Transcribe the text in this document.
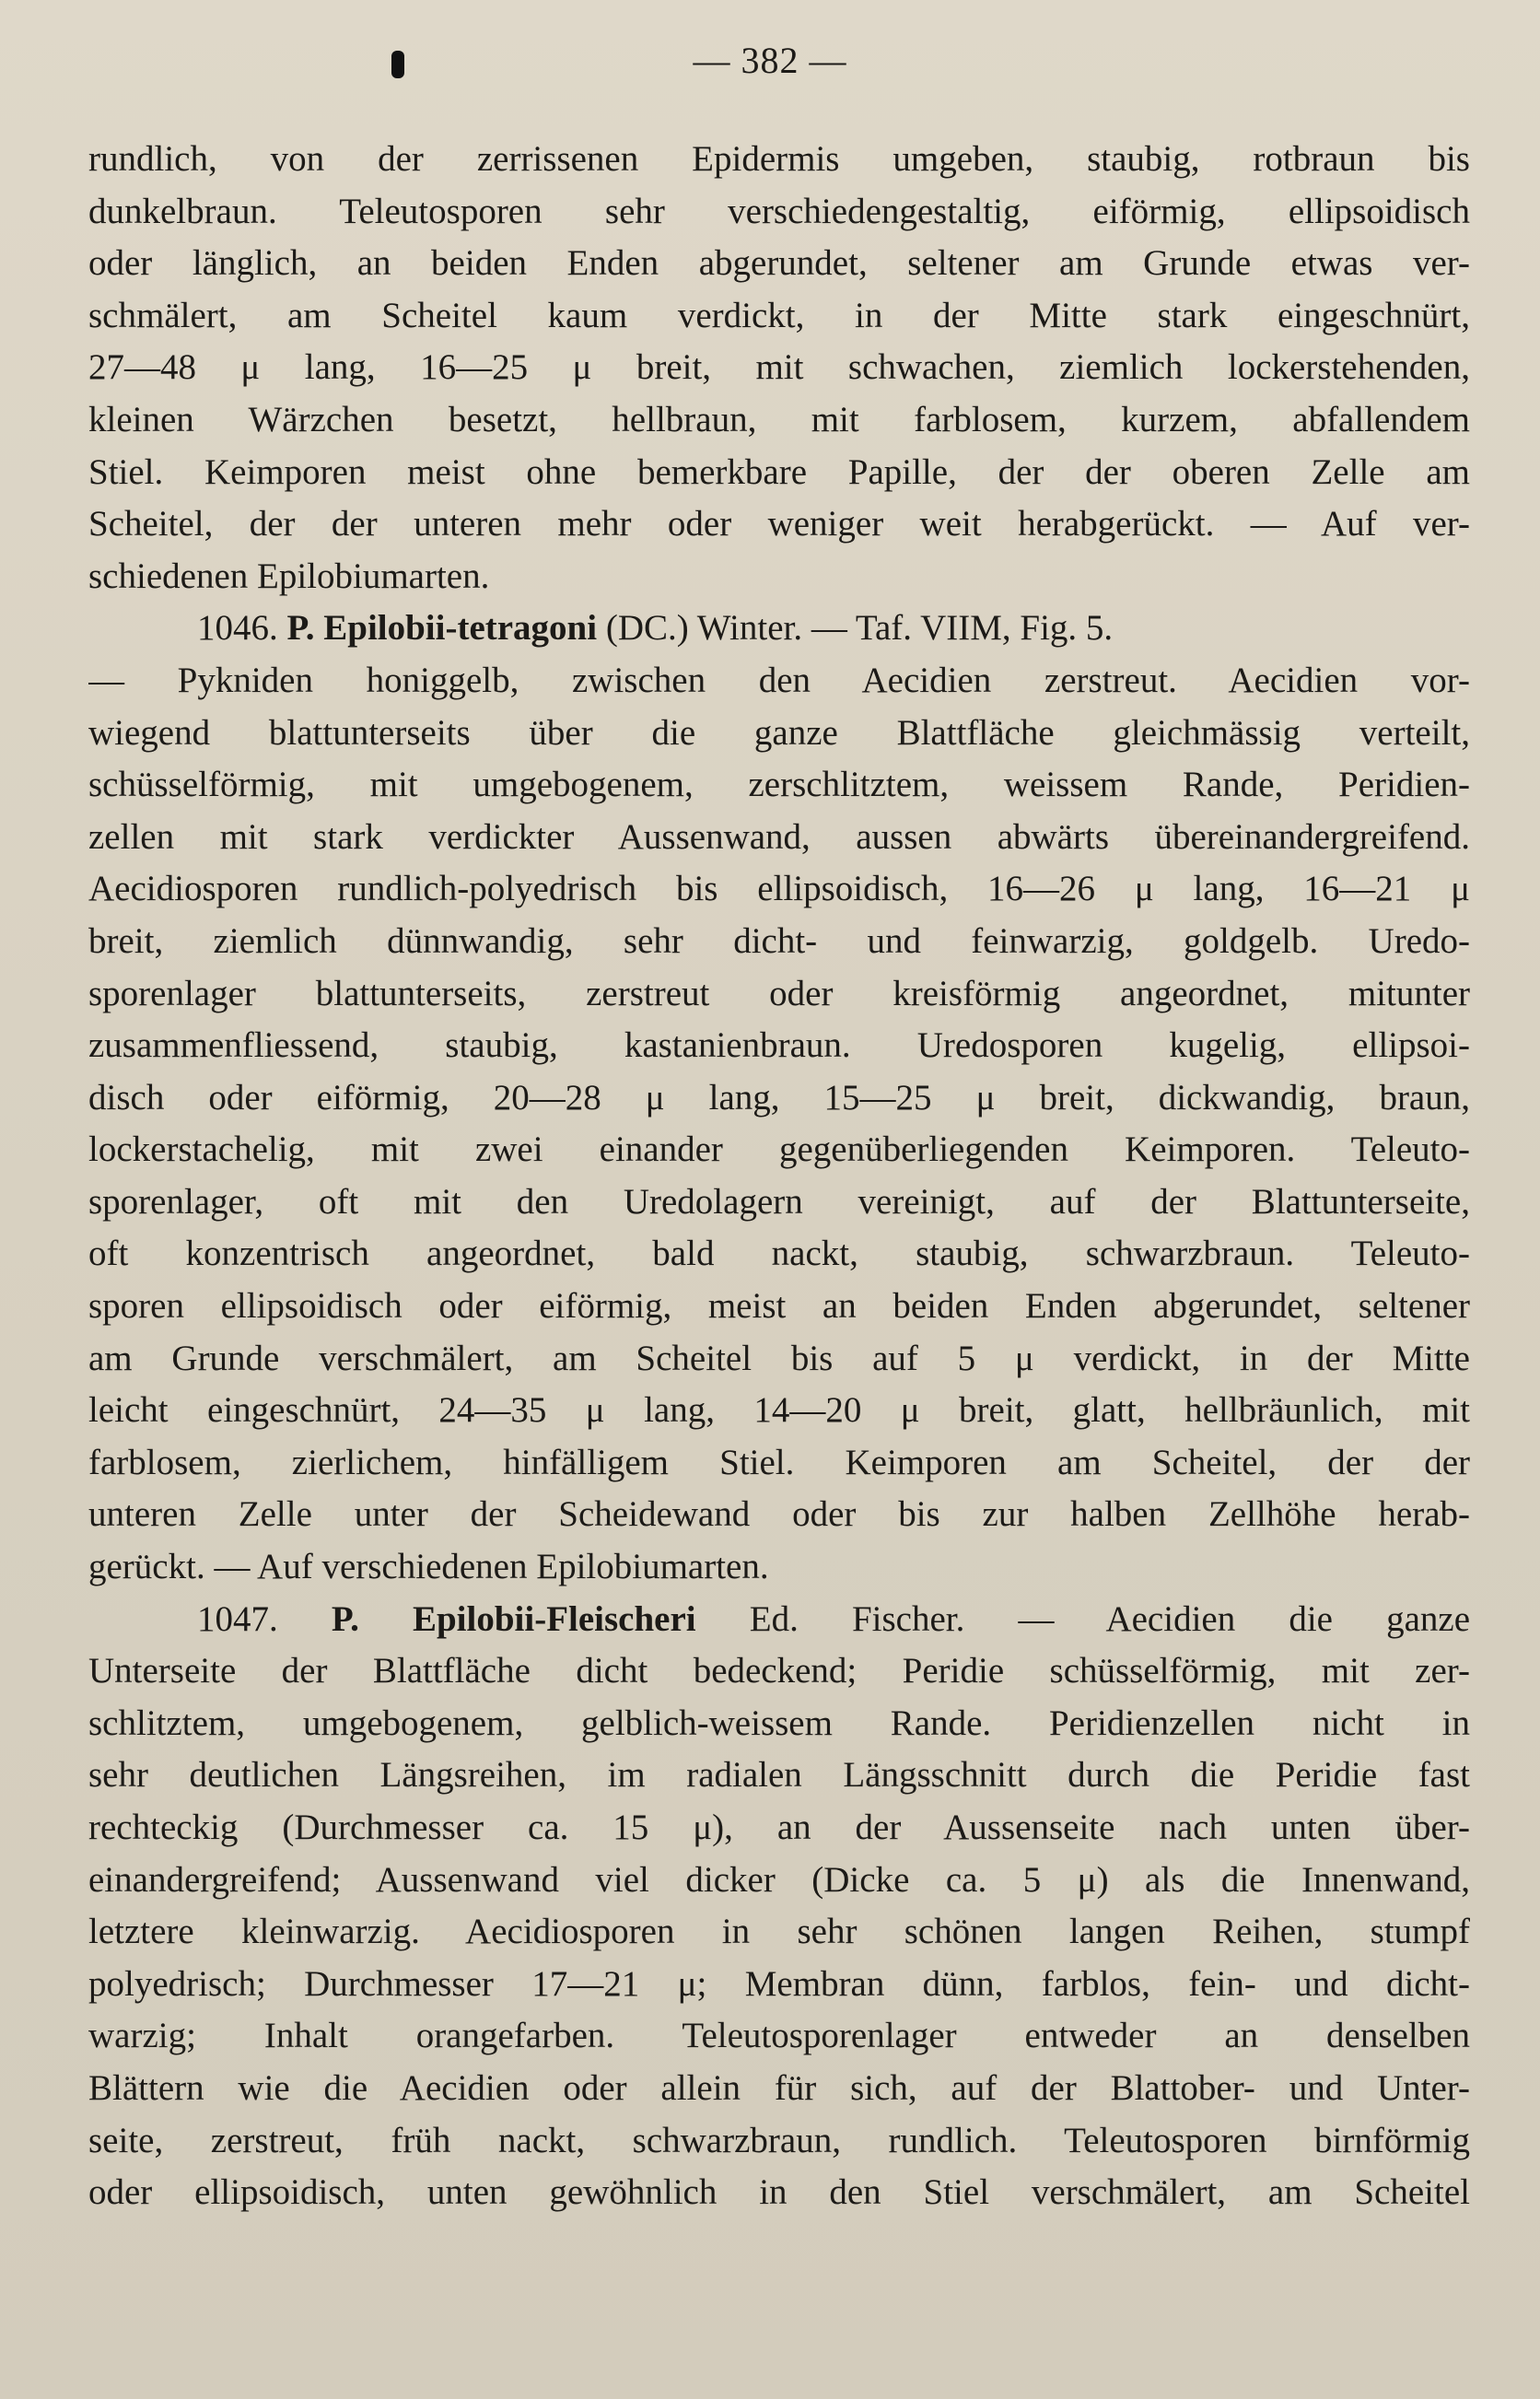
— 382 —
rundlich, von der zerrissenen Epidermis umgeben, staubig, rotbraun bis
dunkelbraun. Teleutosporen sehr verschiedengestaltig, eiförmig, ellipsoidisch
oder länglich, an beiden Enden abgerundet, seltener am Grunde etwas ver-
schmälert, am Scheitel kaum verdickt, in der Mitte stark eingeschnürt,
27—48 μ lang, 16—25 μ breit, mit schwachen, ziemlich lockerstehenden,
kleinen Wärzchen besetzt, hellbraun, mit farblosem, kurzem, abfallendem
Stiel. Keimporen meist ohne bemerkbare Papille, der der oberen Zelle am
Scheitel, der der unteren mehr oder weniger weit herabgerückt. — Auf ver-
schiedenen Epilobiumarten.
1046. P. Epilobii-tetragoni (DC.) Winter. — Taf. VIIM, Fig. 5.
— Pykniden honiggelb, zwischen den Aecidien zerstreut. Aecidien vor-
wiegend blattunterseits über die ganze Blattfläche gleichmässig verteilt,
schüsselförmig, mit umgebogenem, zerschlitztem, weissem Rande, Peridien-
zellen mit stark verdickter Aussenwand, aussen abwärts übereinandergreifend.
Aecidiosporen rundlich-polyedrisch bis ellipsoidisch, 16—26 μ lang, 16—21 μ
breit, ziemlich dünnwandig, sehr dicht- und feinwarzig, goldgelb. Uredo-
sporenlager blattunterseits, zerstreut oder kreisförmig angeordnet, mitunter
zusammenfliessend, staubig, kastanienbraun. Uredosporen kugelig, ellipsoi-
disch oder eiförmig, 20—28 μ lang, 15—25 μ breit, dickwandig, braun,
lockerstachelig, mit zwei einander gegenüberliegenden Keimporen. Teleuto-
sporenlager, oft mit den Uredolagern vereinigt, auf der Blattunterseite,
oft konzentrisch angeordnet, bald nackt, staubig, schwarzbraun. Teleuto-
sporen ellipsoidisch oder eiförmig, meist an beiden Enden abgerundet, seltener
am Grunde verschmälert, am Scheitel bis auf 5 μ verdickt, in der Mitte
leicht eingeschnürt, 24—35 μ lang, 14—20 μ breit, glatt, hellbräunlich, mit
farblosem, zierlichem, hinfälligem Stiel. Keimporen am Scheitel, der der
unteren Zelle unter der Scheidewand oder bis zur halben Zellhöhe herab-
gerückt. — Auf verschiedenen Epilobiumarten.
1047. P. Epilobii-Fleischeri Ed. Fischer. — Aecidien die ganze
Unterseite der Blattfläche dicht bedeckend; Peridie schüsselförmig, mit zer-
schlitztem, umgebogenem, gelblich-weissem Rande. Peridienzellen nicht in
sehr deutlichen Längsreihen, im radialen Längsschnitt durch die Peridie fast
rechteckig (Durchmesser ca. 15 μ), an der Aussenseite nach unten über-
einandergreifend; Aussenwand viel dicker (Dicke ca. 5 μ) als die Innenwand,
letztere kleinwarzig. Aecidiosporen in sehr schönen langen Reihen, stumpf
polyedrisch; Durchmesser 17—21 μ; Membran dünn, farblos, fein- und dicht-
warzig; Inhalt orangefarben. Teleutosporenlager entweder an denselben
Blättern wie die Aecidien oder allein für sich, auf der Blattober- und Unter-
seite, zerstreut, früh nackt, schwarzbraun, rundlich. Teleutosporen birnförmig
oder ellipsoidisch, unten gewöhnlich in den Stiel verschmälert, am Scheitel
